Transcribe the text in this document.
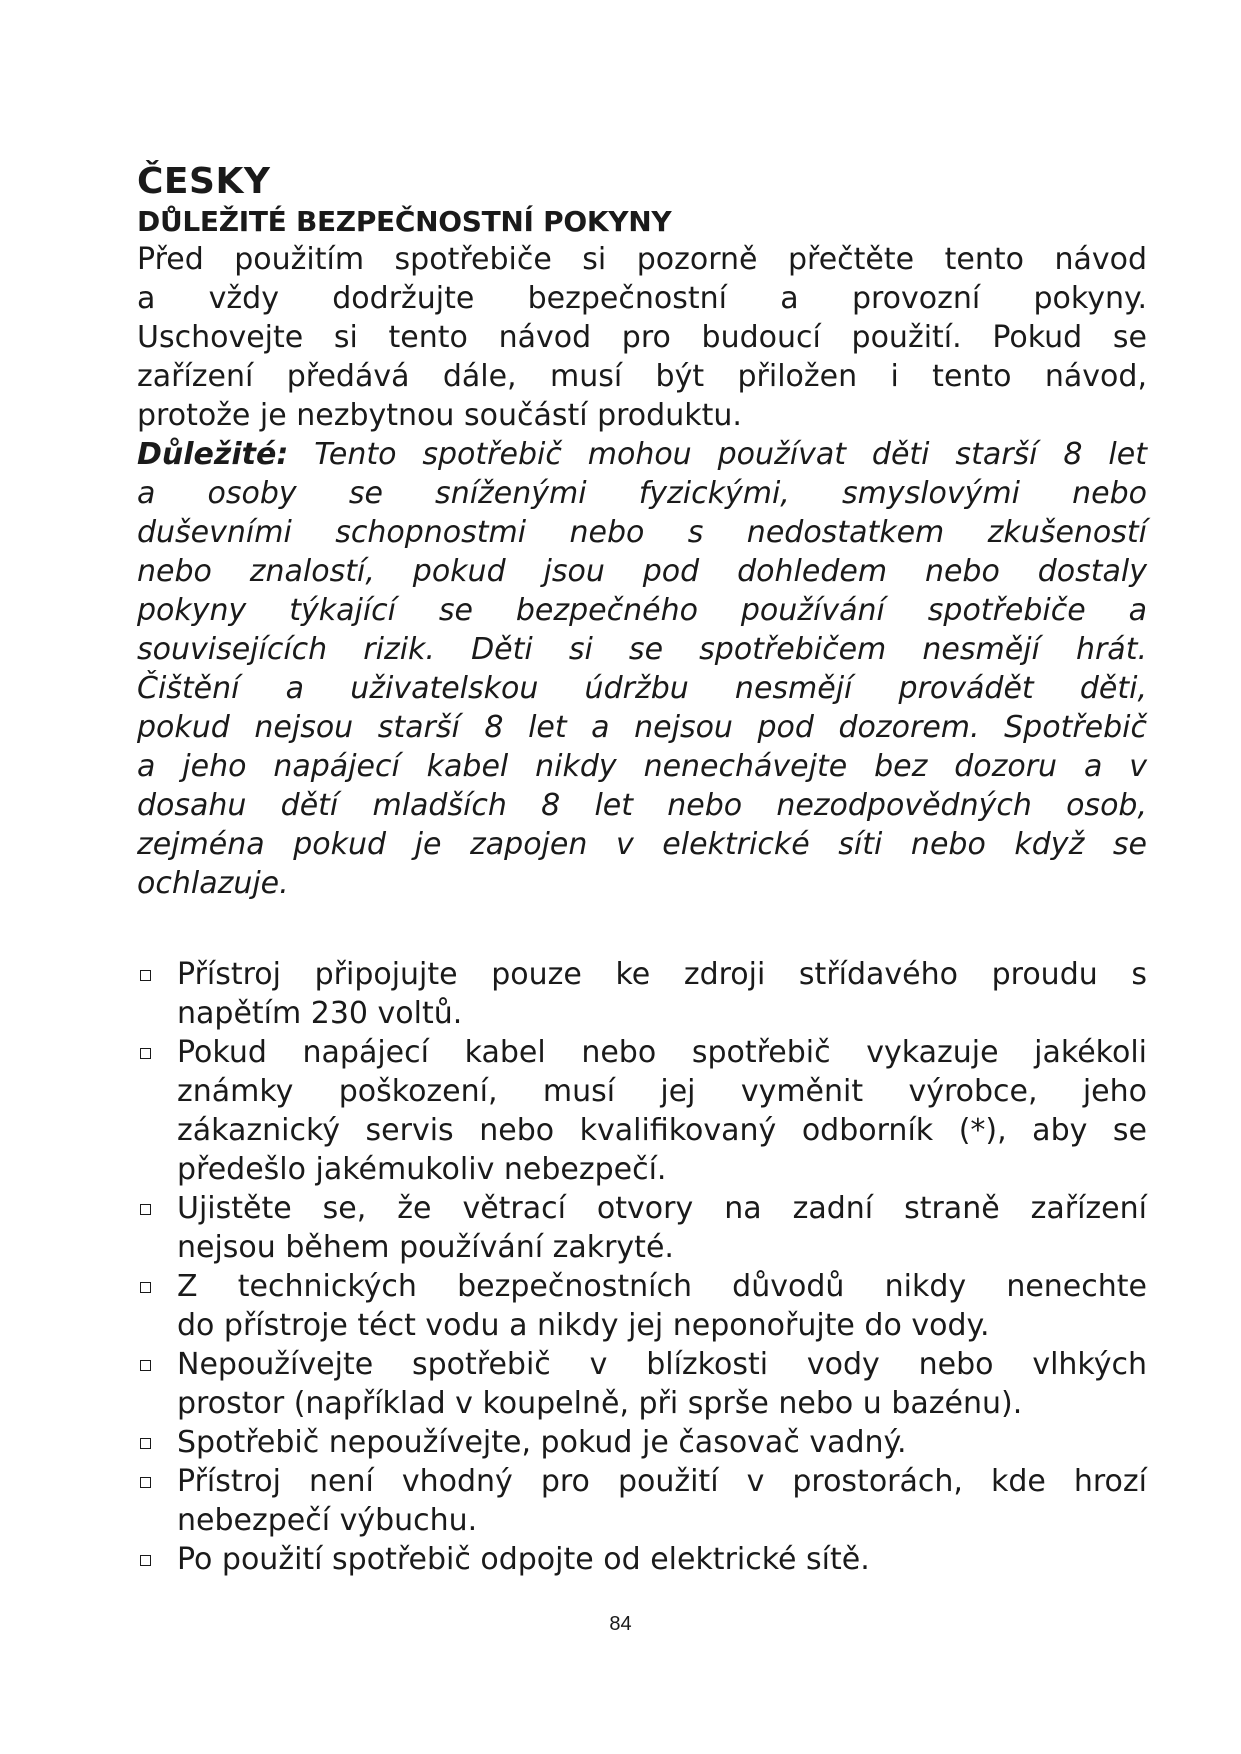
ČESKY
DŮLEŽITÉ BEZPEČNOSTNÍ POKYNY

Před použitím spotřebiče si pozorně přečtěte tento návod
a vždy dodržujte bezpečnostní a provozní pokyny.
Uschovejte si tento návod pro budoucí použití. Pokud se
zařízení předává dále, musí být přiložen i tento návod,
protože je nezbytnou součástí produktu.

Důležité: Tento spotřebič mohou používat děti starší 8 let
a osoby se sníženými fyzickými, smyslovými nebo
duševními schopnostmi nebo s nedostatkem zkušeností
nebo znalostí, pokud jsou pod dohledem nebo dostaly
pokyny týkající se bezpečného používání spotřebiče a
souvisejících rizik. Děti si se spotřebičem nesmějí hrát.
Čištění a uživatelskou údržbu nesmějí provádět děti,
pokud nejsou starší 8 let a nejsou pod dozorem. Spotřebič
a jeho napájecí kabel nikdy nenechávejte bez dozoru a v
dosahu dětí mladších 8 let nebo nezodpovědných osob,
zejména pokud je zapojen v elektrické síti nebo když se
ochlazuje.

Přístroj připojujte pouze ke zdroji střídavého proudu s
napětím 230 voltů.
Pokud napájecí kabel nebo spotřebič vykazuje jakékoli
známky poškození, musí jej vyměnit výrobce, jeho
zákaznický servis nebo kvalifikovaný odborník (*), aby se
předešlo jakémukoliv nebezpečí.
Ujistěte se, že větrací otvory na zadní straně zařízení
nejsou během používání zakryté.
Z technických bezpečnostních důvodů nikdy nenechte
do přístroje téct vodu a nikdy jej neponořujte do vody.
Nepoužívejte spotřebič v blízkosti vody nebo vlhkých
prostor (například v koupelně, při sprše nebo u bazénu).
Spotřebič nepoužívejte, pokud je časovač vadný.
Přístroj není vhodný pro použití v prostorách, kde hrozí
nebezpečí výbuchu.
Po použití spotřebič odpojte od elektrické sítě.
84
